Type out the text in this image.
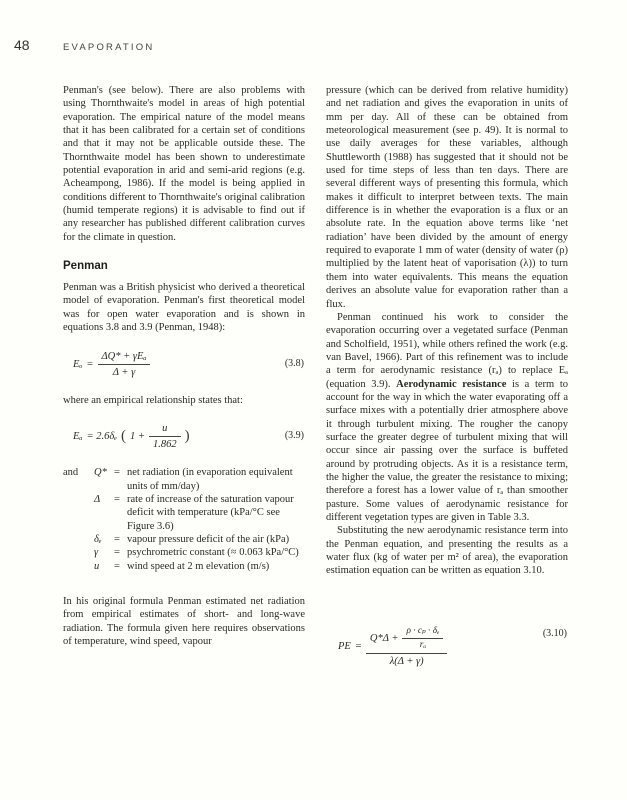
48	EVAPORATION

Penman's (see below). There are also problems with using Thornthwaite's model in areas of high potential evaporation. The empirical nature of the model means that it has been calibrated for a certain set of conditions and that it may not be applicable outside these. The Thornthwaite model has been shown to underestimate potential evaporation in arid and semi-arid regions (e.g. Acheampong, 1986). If the model is being applied in conditions different to Thornthwaite's original calibration (humid temperate regions) it is advisable to find out if any researcher has published different calibration curves for the climate in question.

Penman

Penman was a British physicist who derived a theoretical model of evaporation. Penman's first theoretical model was for open water evaporation and is shown in equations 3.8 and 3.9 (Penman, 1948):

$E_o = \frac{\text{ΔQ* + γEₐ}}{\Delta + \gamma}$	(3.8)

where an empirical relationship states that:

Eₐ = 2.6δₑ ( $1 + \frac{u}{1.862}$ )	(3.9)
and Q* = net radiation (in evaporation equivalent units of mm/day)
Δ	= rate of increase of the saturation vapour deficit with temperature (kPa/°C see Figure 3.6)
δₑ	= vapour pressure deficit of the air (kPa)
γ	= psychrometric constant (≈ 0.063 kPa/°C)
u	= wind speed at 2 m elevation (m/s)

In his original formula Penman estimated net radiation from empirical estimates of short- and long-wave radiation. The formula given here requires observations of temperature, wind speed, vapour

pressure (which can be derived from relative humidity) and net radiation and gives the evaporation in units of mm per day. All of these can be obtained from meteorological measurement (see p. 49). It is normal to use daily averages for these variables, although Shuttleworth (1988) has suggested that it should not be used for time steps of less than ten days. There are several different ways of presenting this formula, which makes it difficult to interpret between texts. The main difference is in whether the evaporation is a flux or an absolute rate. In the equation above terms like ‘net radiation’ have been divided by the amount of energy required to evaporate 1 mm of water (density of water (ρ) multiplied by the latent heat of vaporisation (λ)) to turn them into water equivalents. This means the equation derives an absolute value for evaporation rather than a flux.

Penman continued his work to consider the evaporation occurring over a vegetated surface (Penman and Scholfield, 1951), while others refined the work (e.g. van Bavel, 1966). Part of this refinement was to include a term for aerodynamic resistance (rₐ) to replace Eₐ (equation 3.9). Aerodynamic resistance is a term to account for the way in which the water evaporating off a surface mixes with a potentially drier atmosphere above it through turbulent mixing. The rougher the canopy surface the greater degree of turbulent mixing that will occur since air passing over the surface is buffeted around by protruding objects. As it is a resistance term, the higher the value, the greater the resistance to mixing; therefore a forest has a lower value of rₐ than smoother pasture. Some values of aerodynamic resistance for different vegetation types are given in Table 3.3.

Substituting the new aerodynamic resistance term into the Penman equation, and presenting the results as a water flux (kg of water per m² of area), the evaporation estimation equation can be written as equation 3.10.

PE =
$Q*\Delta + \frac{\text{ρ · cₚ · δₑ}}{\text{rₐ}}$
λ(Δ + γ)
(3.10)
